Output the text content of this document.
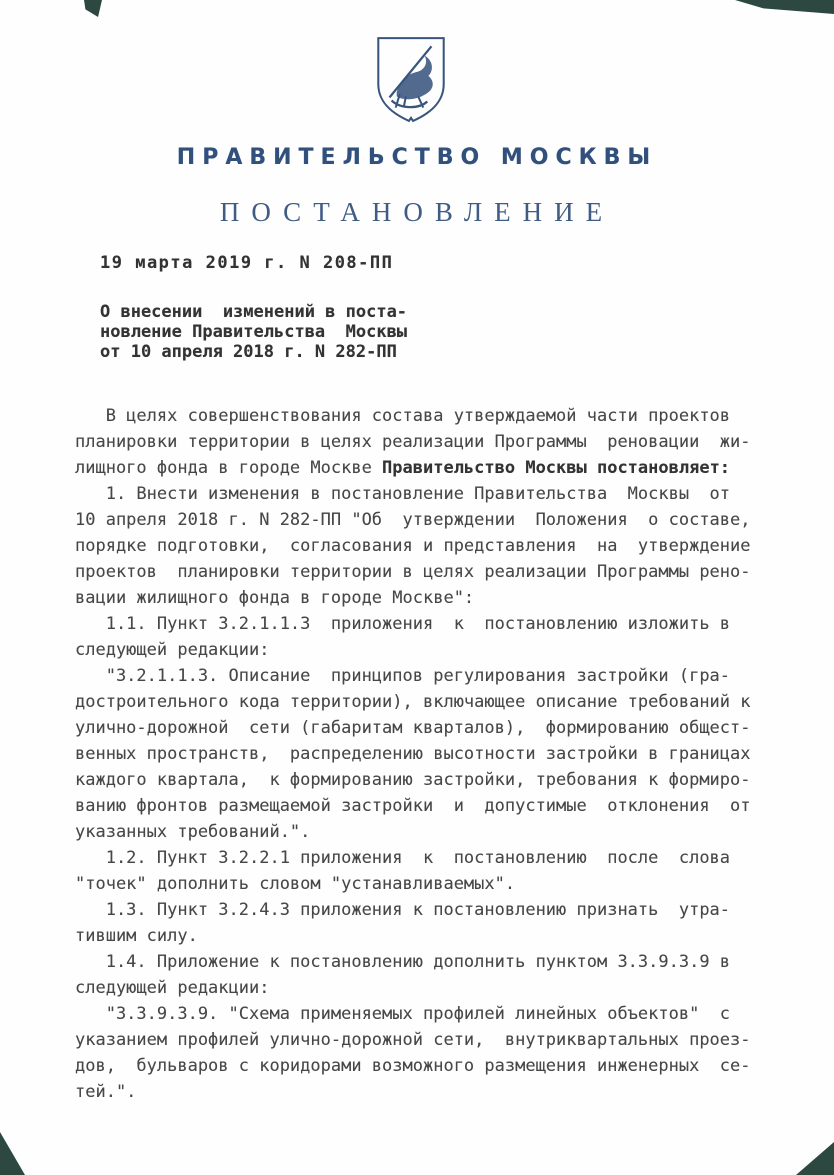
ПРАВИТЕЛЬСТВО МОСКВЫ
ПОСТАНОВЛЕНИЕ
19 марта 2019 г. N 208-ПП
О внесении  изменений в поста-
новление Правительства  Москвы
от 10 апреля 2018 г. N 282-ПП
В целях совершенствования состава утверждаемой части проектов
планировки территории в целях реализации Программы  реновации  жи-
лищного фонда в городе Москве Правительство Москвы постановляет:
1. Внести изменения в постановление Правительства  Москвы  от
10 апреля 2018 г. N 282-ПП "Об  утверждении  Положения  о составе,
порядке подготовки,  согласования и представления  на  утверждение
проектов  планировки территории в целях реализации Программы рено-
вации жилищного фонда в городе Москве":
1.1. Пункт 3.2.1.1.3  приложения  к  постановлению изложить в
следующей редакции:
"3.2.1.1.3. Описание  принципов регулирования застройки (гра-
достроительного кода территории), включающее описание требований к
улично-дорожной  сети (габаритам кварталов),  формированию общест-
венных пространств,  распределению высотности застройки в границах
каждого квартала,  к формированию застройки, требования к формиро-
ванию фронтов размещаемой застройки  и  допустимые  отклонения  от
указанных требований.".
1.2. Пункт 3.2.2.1 приложения  к  постановлению  после  слова
"точек" дополнить словом "устанавливаемых".
1.3. Пункт 3.2.4.3 приложения к постановлению признать  утра-
тившим силу.
1.4. Приложение к постановлению дополнить пунктом 3.3.9.3.9 в
следующей редакции:
"3.3.9.3.9. "Схема применяемых профилей линейных объектов"  с
указанием профилей улично-дорожной сети,  внутриквартальных проез-
дов,  бульваров с коридорами возможного размещения инженерных  се-
тей.".
